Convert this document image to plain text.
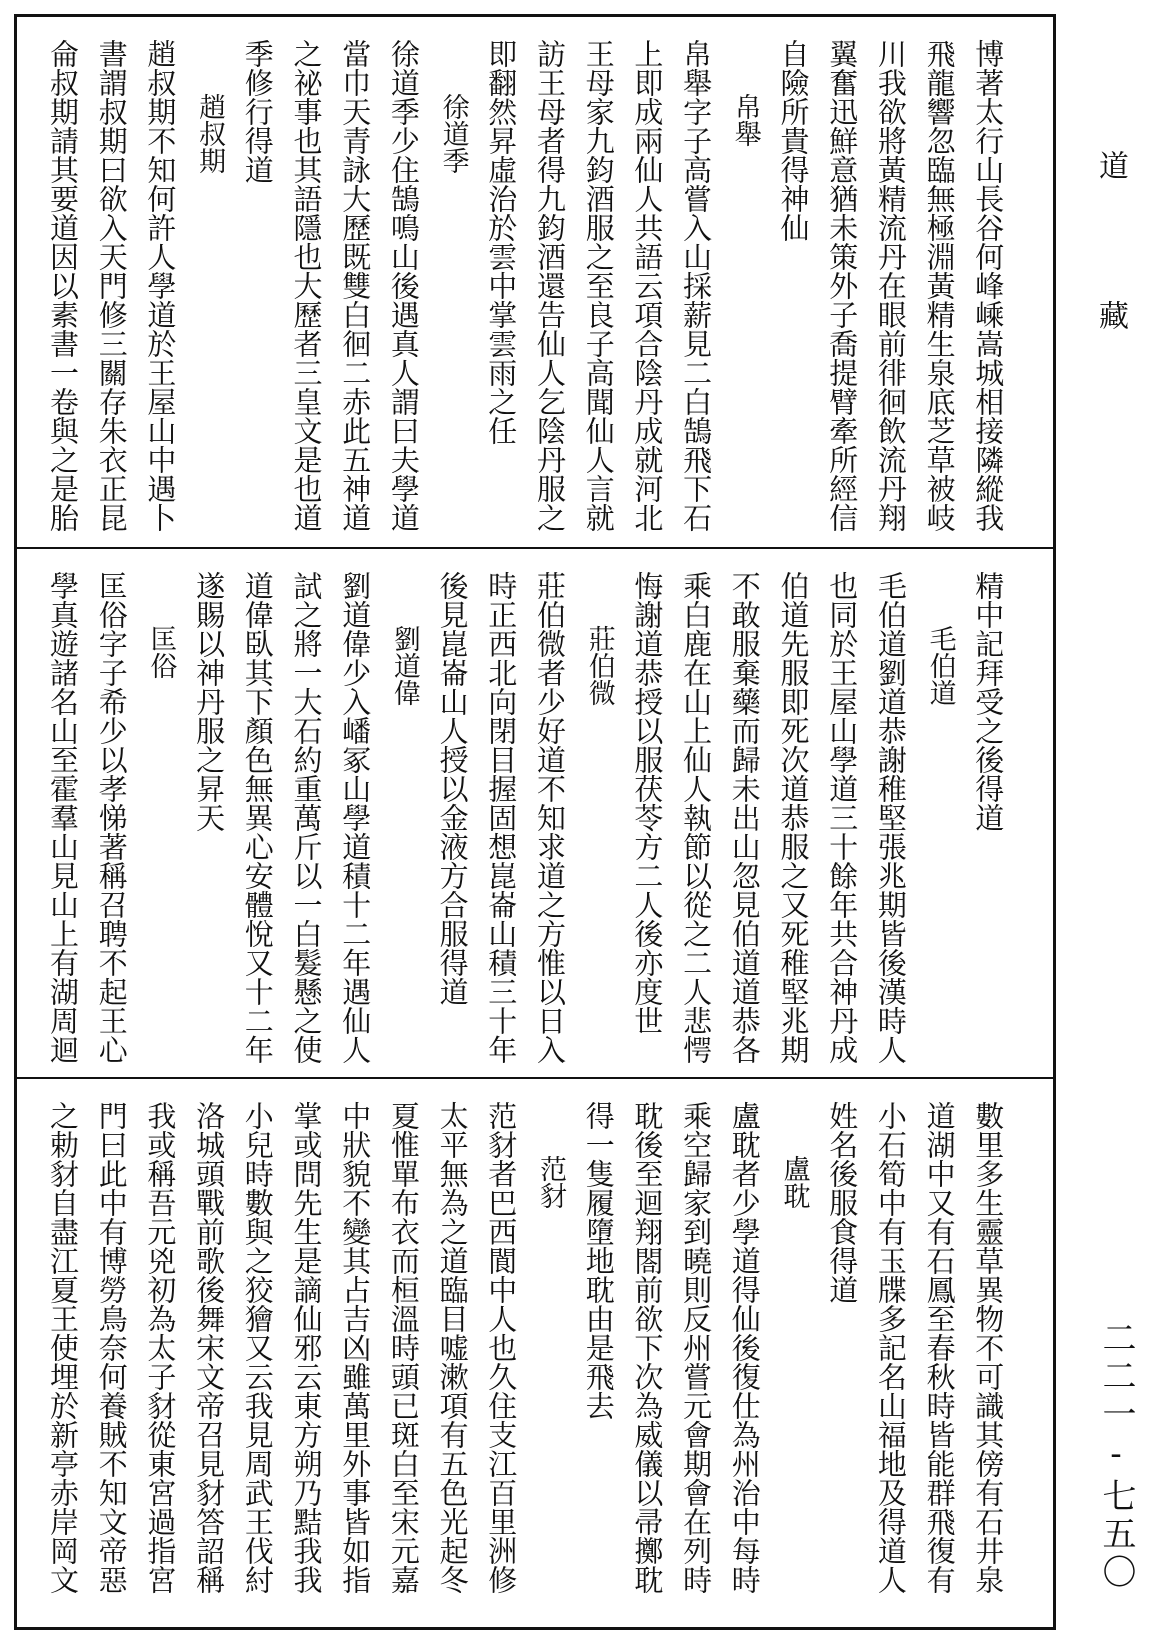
道藏
二二一-七五〇
博著太行山長谷何峰嵊嵩城相接隣縱我
飛龍響忽臨無極淵黃精生泉底芝草被岐
川我欲將黃精流丹在眼前徘徊飲流丹翔
翼奮迅鮮意猶未策外子喬提臂牽所經信
自險所貴得神仙
　　帛舉
帛舉字子高嘗入山採薪見二白鵠飛下石
上即成兩仙人共語云項合陰丹成就河北
王母家九鈞酒服之至良子高聞仙人言就
訪王母者得九鈞酒還告仙人乞陰丹服之
即翻然昇虛治於雲中掌雲雨之任
　　徐道季
徐道季少住鵠鳴山後遇真人謂曰夫學道
當巾天青詠大歷既雙白徊二赤此五神道
之祕事也其語隱也大歷者三皇文是也道
季修行得道
　　趙叔期
趙叔期不知何許人學道於王屋山中遇卜
書謂叔期曰欲入天門修三關存朱衣正昆
侖叔期請其要道因以素書一卷與之是胎
精中記拜受之後得道
　　毛伯道
毛伯道劉道恭謝稚堅張兆期皆後漢時人
也同於王屋山學道三十餘年共合神丹成
伯道先服即死次道恭服之又死稚堅兆期
不敢服棄藥而歸未出山忽見伯道道恭各
乘白鹿在山上仙人執節以從之二人悲愕
悔謝道恭授以服茯苓方二人後亦度世
　　莊伯微
莊伯微者少好道不知求道之方惟以日入
時正西北向閉目握固想崑崙山積三十年
後見崑崙山人授以金液方合服得道
　　劉道偉
劉道偉少入嶓冢山學道積十二年遇仙人
試之將一大石約重萬斤以一白髮懸之使
道偉臥其下顏色無異心安體悅又十二年
遂賜以神丹服之昇天
　　匡俗
匡俗字子希少以孝悌著稱召聘不起王心
學真遊諸名山至霍羣山見山上有湖周迴
數里多生靈草異物不可識其傍有石井泉
道湖中又有石鳳至春秋時皆能群飛復有
小石筍中有玉牒多記名山福地及得道人
姓名後服食得道
　　盧耽
盧耽者少學道得仙後復仕為州治中每時
乘空歸家到曉則反州嘗元會期會在列時
耽後至迴翔閤前欲下次為威儀以帚擲耽
得一隻履墮地耽由是飛去
　　范豺
范豺者巴西閬中人也久住支江百里洲修
太平無為之道臨目嘘漱項有五色光起冬
夏惟單布衣而桓溫時頭已斑白至宋元嘉
中狀貌不變其占吉凶雖萬里外事皆如指
掌或問先生是謫仙邪云東方朔乃黠我我
小兒時數與之狡獪又云我見周武王伐紂
洛城頭戰前歌後舞宋文帝召見豺答詔稱
我或稱吾元兇初為太子豺從東宮過指宮
門曰此中有博勞鳥奈何養賊不知文帝惡
之勅豺自盡江夏王使埋於新亭赤岸岡文
